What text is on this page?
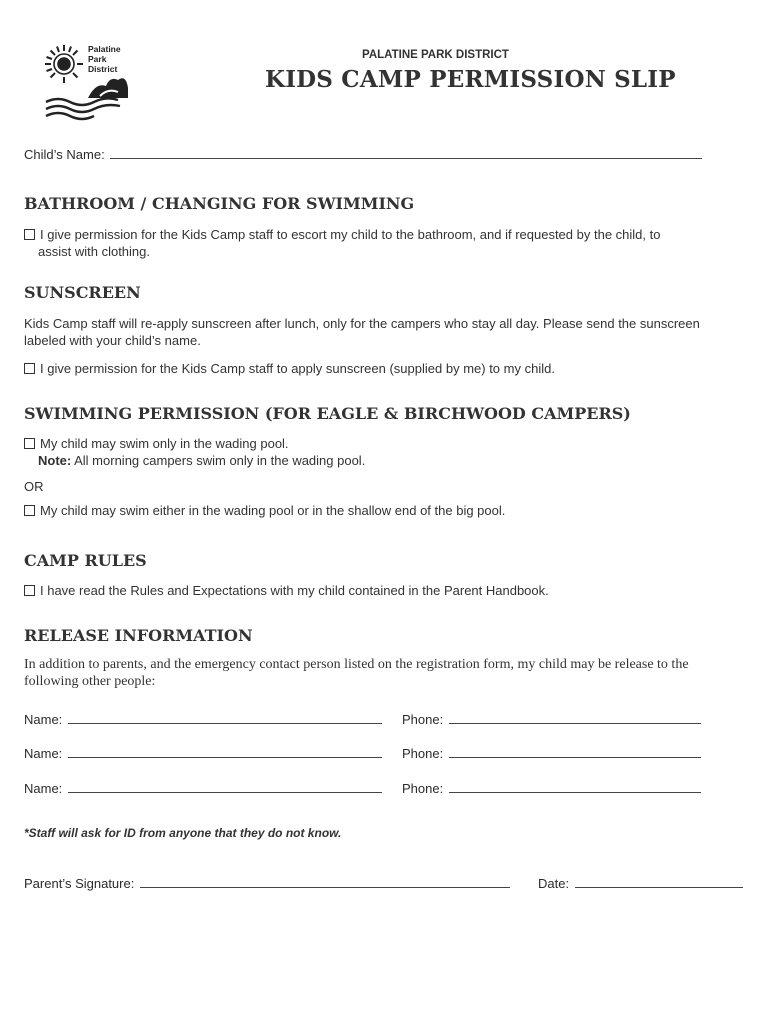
Palatine
Park
District
PALATINE PARK DISTRICT
KIDS CAMP PERMISSION SLIP
Child’s Name:
BATHROOM / CHANGING FOR SWIMMING
I give permission for the Kids Camp staff to escort my child to the bathroom, and if requested by the child, to
assist with clothing.
SUNSCREEN
Kids Camp staff will re-apply sunscreen after lunch, only for the campers who stay all day. Please send the sunscreen labeled with your child’s name.
I give permission for the Kids Camp staff to apply sunscreen (supplied by me) to my child.
SWIMMING PERMISSION (FOR EAGLE & BIRCHWOOD CAMPERS)
My child may swim only in the wading pool.
Note: All morning campers swim only in the wading pool.
OR
My child may swim either in the wading pool or in the shallow end of the big pool.
CAMP RULES
I have read the Rules and Expectations with my child contained in the Parent Handbook.
RELEASE INFORMATION
In addition to parents, and the emergency contact person listed on the registration form, my child may be release to the following other people:
Name:	Phone:
Name:	Phone:
Name:	Phone:
*Staff will ask for ID from anyone that they do not know.
Parent’s Signature:	Date:
